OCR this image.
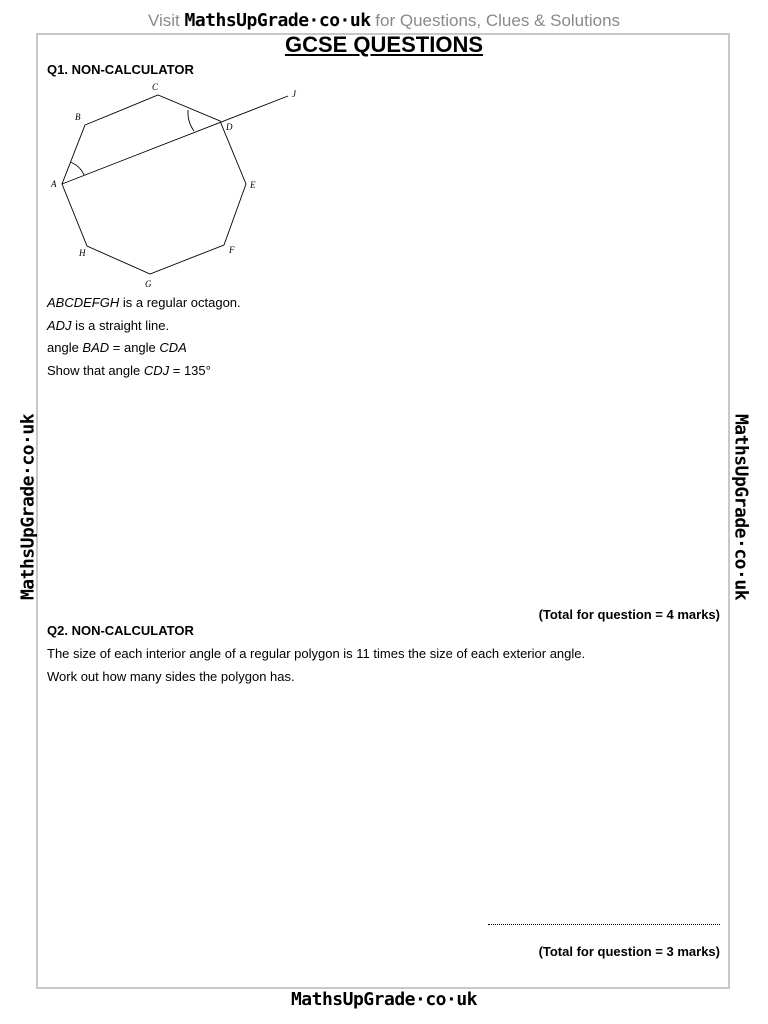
Visit MathsUpGrade·co·uk for Questions, Clues & Solutions
GCSE QUESTIONS
Q1. NON-CALCULATOR
A
B
C
D
E
F
G
H
J
ABCDEFGH is a regular octagon.
ADJ is a straight line.
angle BAD = angle CDA
Show that angle CDJ = 135°
(Total for question = 4 marks)
Q2. NON-CALCULATOR
The size of each interior angle of a regular polygon is 11 times the size of each exterior angle.
Work out how many sides the polygon has.
(Total for question = 3 marks)
MathsUpGrade·co·uk	MathsUpGrade·co·uk
MathsUpGrade·co·uk
